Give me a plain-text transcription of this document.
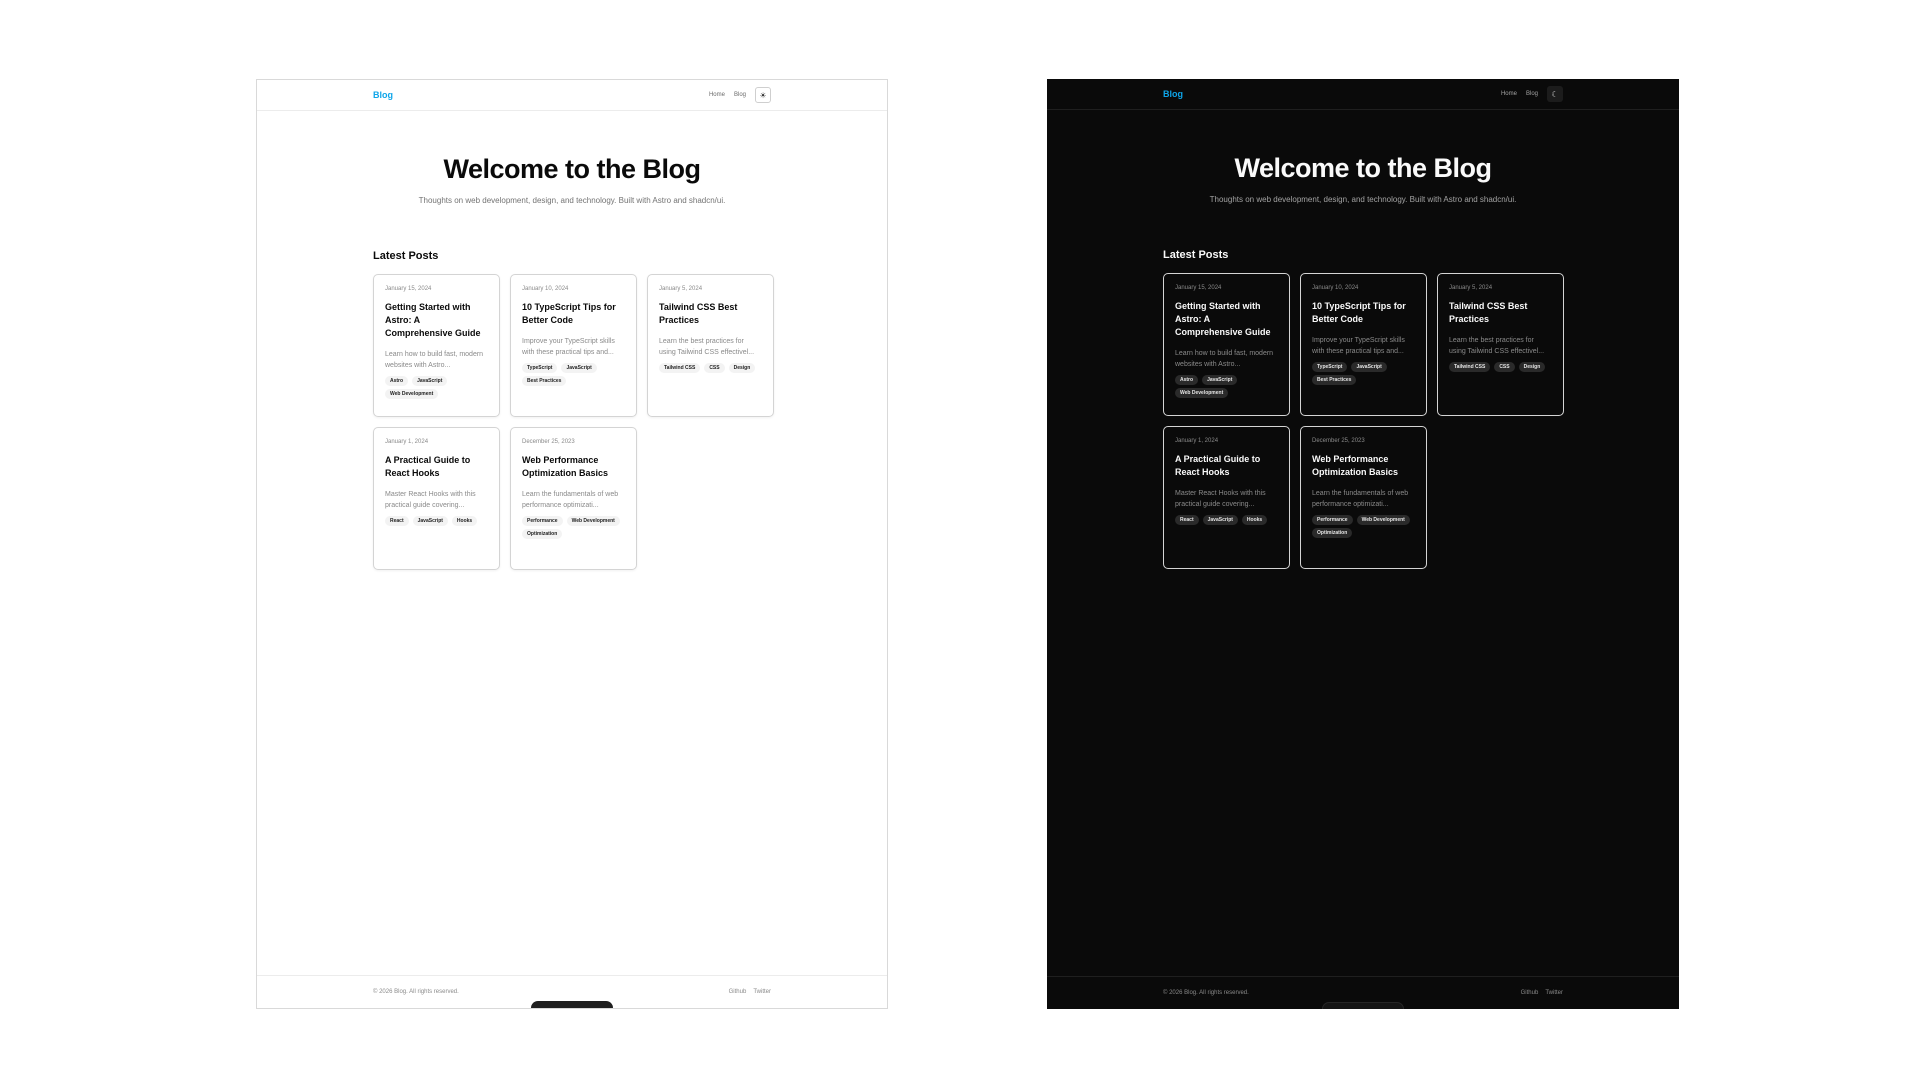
Blog	Home Blog ☀
Welcome to the Blog

Thoughts on web development, design, and technology. Built with Astro and shadcn/ui.

Latest Posts
January 15, 2024
Getting Started with Astro: A Comprehensive Guide
Learn how to build fast, modern websites with Astro...
Astro	JavaScript
Web Development
January 10, 2024
10 TypeScript Tips for Better Code
Improve your TypeScript skills with these practical tips and...
TypeScript	JavaScript
Best Practices
January 5, 2024
Tailwind CSS Best Practices
Learn the best practices for using Tailwind CSS effectivel...
Tailwind CSS	CSS	Design
January 1, 2024
A Practical Guide to React Hooks
Master React Hooks with this practical guide covering...
React	JavaScript	Hooks
December 25, 2023
Web Performance Optimization Basics
Learn the fundamentals of web performance optimizati...
Performance	Web Development
Optimization
© 2026 Blog. All rights reserved.	Github Twitter
Blog	Home Blog ☾
Welcome to the Blog

Thoughts on web development, design, and technology. Built with Astro and shadcn/ui.

Latest Posts
January 15, 2024
Getting Started with Astro: A Comprehensive Guide
Learn how to build fast, modern websites with Astro...
Astro	JavaScript
Web Development
January 10, 2024
10 TypeScript Tips for Better Code
Improve your TypeScript skills with these practical tips and...
TypeScript	JavaScript
Best Practices
January 5, 2024
Tailwind CSS Best Practices
Learn the best practices for using Tailwind CSS effectivel...
Tailwind CSS	CSS	Design
January 1, 2024
A Practical Guide to React Hooks
Master React Hooks with this practical guide covering...
React	JavaScript	Hooks
December 25, 2023
Web Performance Optimization Basics
Learn the fundamentals of web performance optimizati...
Performance	Web Development
Optimization
© 2026 Blog. All rights reserved.	Github Twitter
